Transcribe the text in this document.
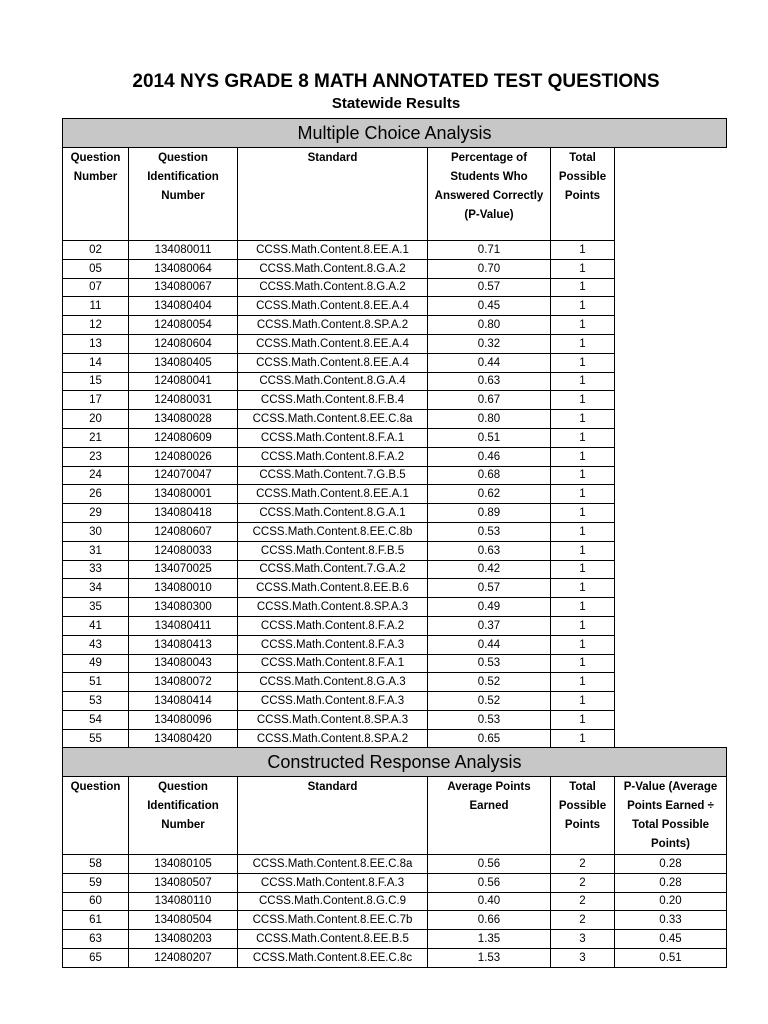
2014 NYS GRADE 8 MATH ANNOTATED TEST QUESTIONS
Statewide Results
Multiple Choice Analysis					
Question Number	Question Identification Number	Standard	Percentage of Students Who Answered Correctly (P-Value)	Total Possible Points	
02	134080011	CCSS.Math.Content.8.EE.A.1	0.71	1	
05	134080064	CCSS.Math.Content.8.G.A.2	0.70	1	
07	134080067	CCSS.Math.Content.8.G.A.2	0.57	1	
11	134080404	CCSS.Math.Content.8.EE.A.4	0.45	1	
12	124080054	CCSS.Math.Content.8.SP.A.2	0.80	1	
13	124080604	CCSS.Math.Content.8.EE.A.4	0.32	1	
14	134080405	CCSS.Math.Content.8.EE.A.4	0.44	1	
15	124080041	CCSS.Math.Content.8.G.A.4	0.63	1	
17	124080031	CCSS.Math.Content.8.F.B.4	0.67	1	
20	134080028	CCSS.Math.Content.8.EE.C.8a	0.80	1	
21	124080609	CCSS.Math.Content.8.F.A.1	0.51	1	
23	124080026	CCSS.Math.Content.8.F.A.2	0.46	1	
24	124070047	CCSS.Math.Content.7.G.B.5	0.68	1	
26	134080001	CCSS.Math.Content.8.EE.A.1	0.62	1	
29	134080418	CCSS.Math.Content.8.G.A.1	0.89	1	
30	124080607	CCSS.Math.Content.8.EE.C.8b	0.53	1	
31	124080033	CCSS.Math.Content.8.F.B.5	0.63	1	
33	134070025	CCSS.Math.Content.7.G.A.2	0.42	1	
34	134080010	CCSS.Math.Content.8.EE.B.6	0.57	1	
35	134080300	CCSS.Math.Content.8.SP.A.3	0.49	1	
41	134080411	CCSS.Math.Content.8.F.A.2	0.37	1	
43	134080413	CCSS.Math.Content.8.F.A.3	0.44	1	
49	134080043	CCSS.Math.Content.8.F.A.1	0.53	1	
51	134080072	CCSS.Math.Content.8.G.A.3	0.52	1	
53	134080414	CCSS.Math.Content.8.F.A.3	0.52	1	
54	134080096	CCSS.Math.Content.8.SP.A.3	0.53	1	
55	134080420	CCSS.Math.Content.8.SP.A.2	0.65	1	
Constructed Response Analysis					
Question	Question Identification Number	Standard	Average Points Earned	Total Possible Points	P-Value (Average Points Earned ÷ Total Possible Points)
58	134080105	CCSS.Math.Content.8.EE.C.8a	0.56	2	0.28
59	134080507	CCSS.Math.Content.8.F.A.3	0.56	2	0.28
60	134080110	CCSS.Math.Content.8.G.C.9	0.40	2	0.20
61	134080504	CCSS.Math.Content.8.EE.C.7b	0.66	2	0.33
63	134080203	CCSS.Math.Content.8.EE.B.5	1.35	3	0.45
65	124080207	CCSS.Math.Content.8.EE.C.8c	1.53	3	0.51
